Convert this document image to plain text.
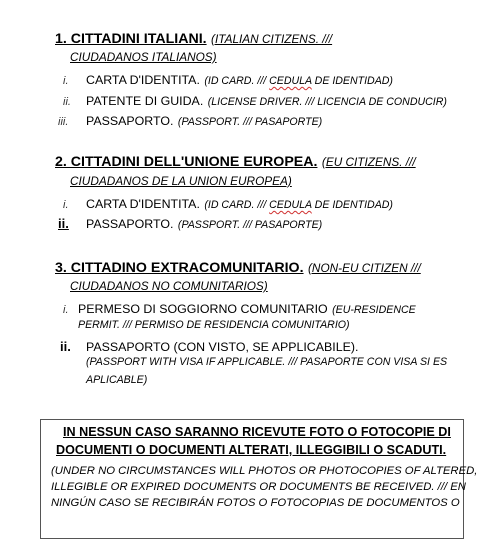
1. CITTADINI ITALIANI. (ITALIAN CITIZENS. ///
CIUDADANOS ITALIANOS)
i. CARTA D'IDENTITA. (ID CARD. /// CEDULA DE IDENTIDAD)
ii. PATENTE DI GUIDA. (LICENSE DRIVER. /// LICENCIA DE CONDUCIR)
iii. PASSAPORTO. (PASSPORT. /// PASAPORTE)
2. CITTADINI DELL'UNIONE EUROPEA. (EU CITIZENS. ///
CIUDADANOS DE LA UNION EUROPEA)
i. CARTA D'IDENTITA. (ID CARD. /// CEDULA DE IDENTIDAD)
ii. PASSAPORTO. (PASSPORT. /// PASAPORTE)
3. CITTADINO EXTRACOMUNITARIO. (NON-EU CITIZEN ///
CIUDADANOS NO COMUNITARIOS)
i. PERMESO DI SOGGIORNO COMUNITARIO (EU-RESIDENCE
PERMIT. /// PERMISO DE RESIDENCIA COMUNITARIO)
ii. PASSAPORTO (CON VISTO, SE APPLICABILE).
(PASSPORT WITH VISA IF APPLICABLE. /// PASAPORTE CON VISA SI ES
APLICABLE)
IN NESSUN CASO SARANNO RICEVUTE FOTO O FOTOCOPIE DI
DOCUMENTI O DOCUMENTI ALTERATI, ILLEGGIBILI O SCADUTI.
(UNDER NO CIRCUMSTANCES WILL PHOTOS OR PHOTOCOPIES OF ALTERED,
ILLEGIBLE OR EXPIRED DOCUMENTS OR DOCUMENTS BE RECEIVED. /// EN
NINGÚN CASO SE RECIBIRÁN FOTOS O FOTOCOPIAS DE DOCUMENTOS O
